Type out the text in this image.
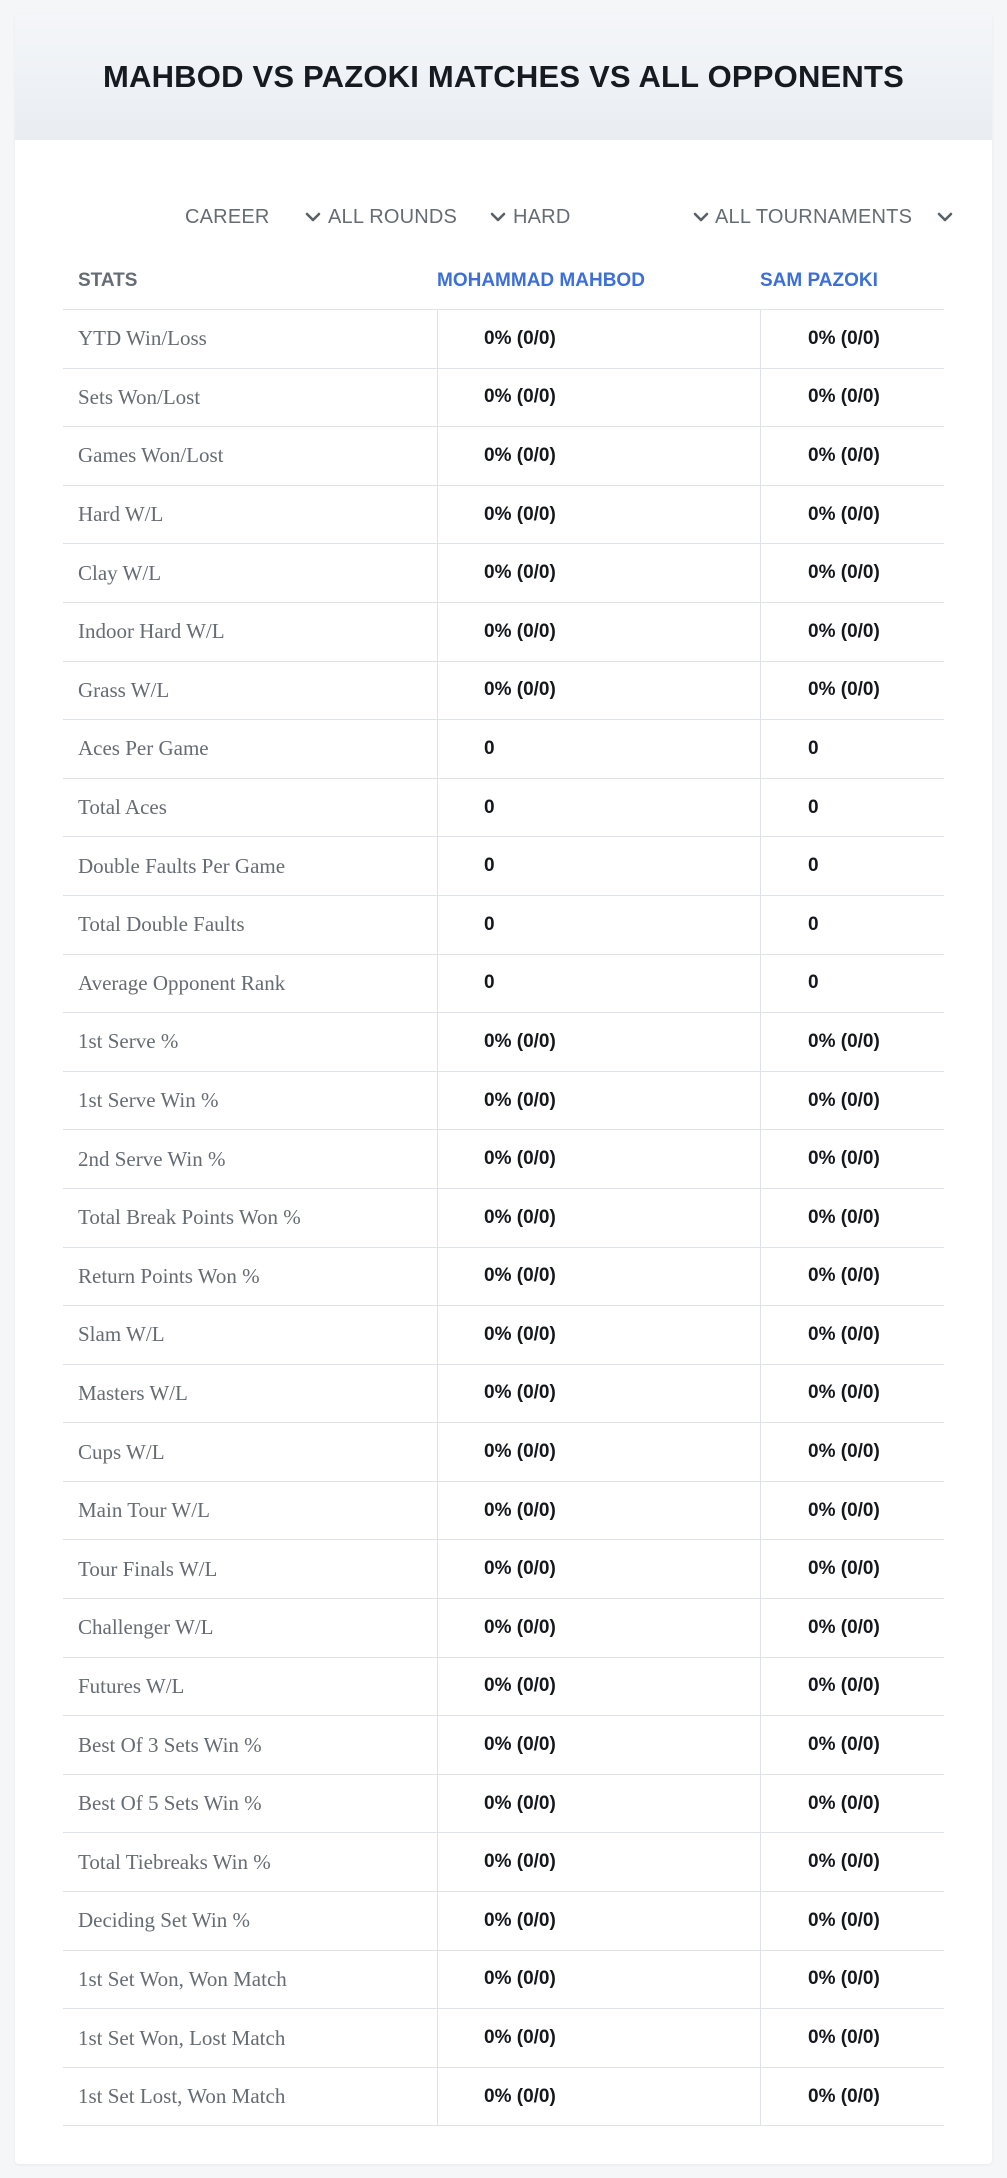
MAHBOD VS PAZOKI MATCHES VS ALL OPPONENTS
CAREER	ALL ROUNDS	HARD	ALL TOURNAMENTS
STATS	MOHAMMAD MAHBOD	SAM PAZOKI
YTD Win/Loss	0% (0/0)	0% (0/0)
Sets Won/Lost	0% (0/0)	0% (0/0)
Games Won/Lost	0% (0/0)	0% (0/0)
Hard W/L	0% (0/0)	0% (0/0)
Clay W/L	0% (0/0)	0% (0/0)
Indoor Hard W/L	0% (0/0)	0% (0/0)
Grass W/L	0% (0/0)	0% (0/0)
Aces Per Game	0	0
Total Aces	0	0
Double Faults Per Game	0	0
Total Double Faults	0	0
Average Opponent Rank	0	0
1st Serve %	0% (0/0)	0% (0/0)
1st Serve Win %	0% (0/0)	0% (0/0)
2nd Serve Win %	0% (0/0)	0% (0/0)
Total Break Points Won %	0% (0/0)	0% (0/0)
Return Points Won %	0% (0/0)	0% (0/0)
Slam W/L	0% (0/0)	0% (0/0)
Masters W/L	0% (0/0)	0% (0/0)
Cups W/L	0% (0/0)	0% (0/0)
Main Tour W/L	0% (0/0)	0% (0/0)
Tour Finals W/L	0% (0/0)	0% (0/0)
Challenger W/L	0% (0/0)	0% (0/0)
Futures W/L	0% (0/0)	0% (0/0)
Best Of 3 Sets Win %	0% (0/0)	0% (0/0)
Best Of 5 Sets Win %	0% (0/0)	0% (0/0)
Total Tiebreaks Win %	0% (0/0)	0% (0/0)
Deciding Set Win %	0% (0/0)	0% (0/0)
1st Set Won, Won Match	0% (0/0)	0% (0/0)
1st Set Won, Lost Match	0% (0/0)	0% (0/0)
1st Set Lost, Won Match	0% (0/0)	0% (0/0)
